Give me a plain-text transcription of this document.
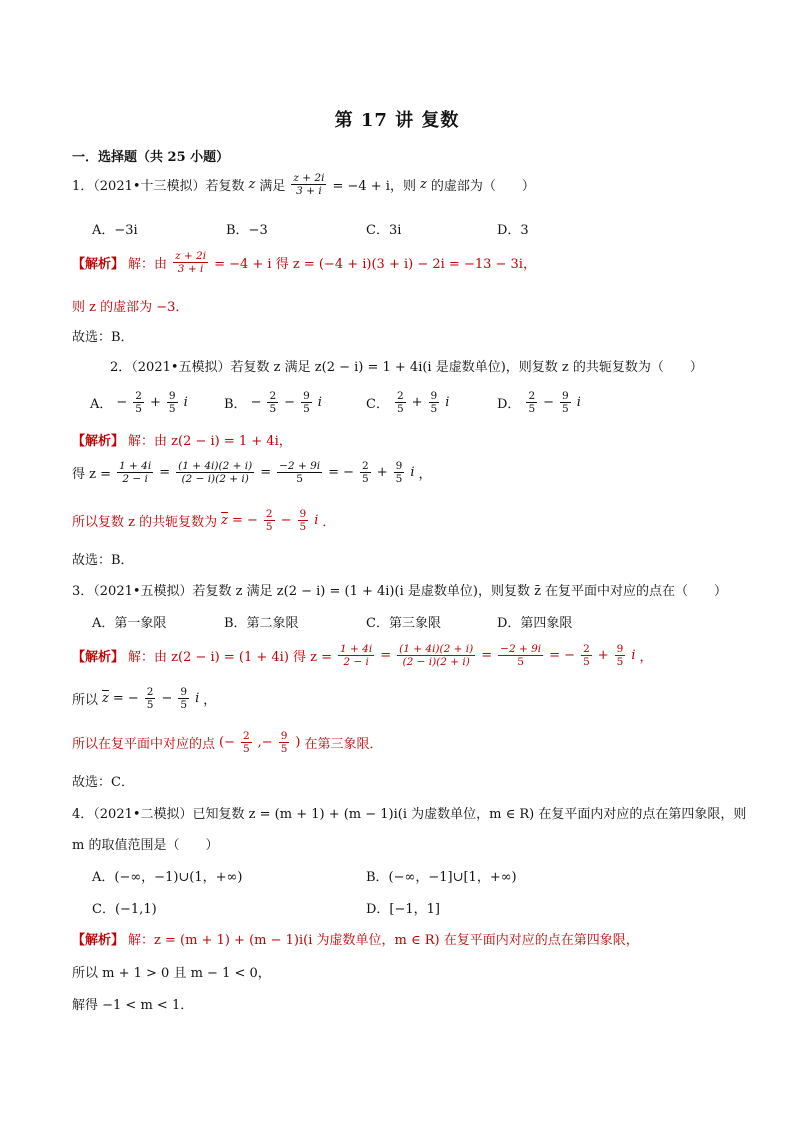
第 17 讲 复数
一．选择题（共 25 小题）
1．（2021•十三模拟）若复数 z 满足 $\frac{z + 2i}{3 + i} = -4 + i$，则 z 的虚部为（　　）
A．−3i	B．−3	C．3i	D．3
【解析】 解：由 $\frac{z + 2i}{3 + i} = -4 + i$ 得 z = (−4 + i)(3 + i) − 2i = −13 − 3i，
则 z 的虚部为 −3．
故选：B．
2．（2021•五模拟）若复数 z 满足 z(2 − i) = 1 + 4i(i 是虚数单位)，则复数 z 的共轭复数为（　　）
A． − $\frac{2}{5} + \frac{9}{5}$ i	B． − $\frac{2}{5} - \frac{9}{5}$ i	C． $\frac{2}{5} + \frac{9}{5}$ i	D． $\frac{2}{5} - \frac{9}{5}$ i
【解析】 解：由 z(2 − i) = 1 + 4i，
得 $z = \frac{1 + 4i}{2 - i} = \frac{(1 + 4i)(2 + i)}{(2 - i)(2 + i)} = \frac{-2 + 9i}{5}$ = − $\frac{2}{5} + \frac{9}{5}$ i ，
所以复数 z 的共轭复数为 $\overline{z}$ = − $\frac{2}{5} - \frac{9}{5}$ i ．
故选：B．
3．（2021•五模拟）若复数 z 满足 z(2 − i) = (1 + 4i)(i 是虚数单位)，则复数 z̄ 在复平面中对应的点在（　　）
A．第一象限	B．第二象限	C．第三象限	D．第四象限
【解析】 解：由 z(2 − i) = (1 + 4i) 得 $z = \frac{1 + 4i}{2 - i} = \frac{(1 + 4i)(2 + i)}{(2 - i)(2 + i)} = \frac{-2 + 9i}{5}$ = − $\frac{2}{5} + \frac{9}{5}$ i ，
所以 $\overline{z}$ = − $\frac{2}{5} - \frac{9}{5}$ i ，
所以在复平面中对应的点 (− $\frac{2}{5}$ ,− $\frac{9}{5}$ ) 在第三象限．
故选：C．
4．（2021•二模拟）已知复数 z = (m + 1) + (m − 1)i(i 为虚数单位，m ∈ R) 在复平面内对应的点在第四象限，则
m 的取值范围是（　　）
A．(−∞，−1)∪(1，+∞)	B．(−∞，−1]∪[1，+∞)
C．(−1,1)	D．[−1，1]
【解析】 解：z = (m + 1) + (m − 1)i(i 为虚数单位，m ∈ R) 在复平面内对应的点在第四象限，
所以 m + 1 > 0 且 m − 1 < 0，
解得 −1 < m < 1．
